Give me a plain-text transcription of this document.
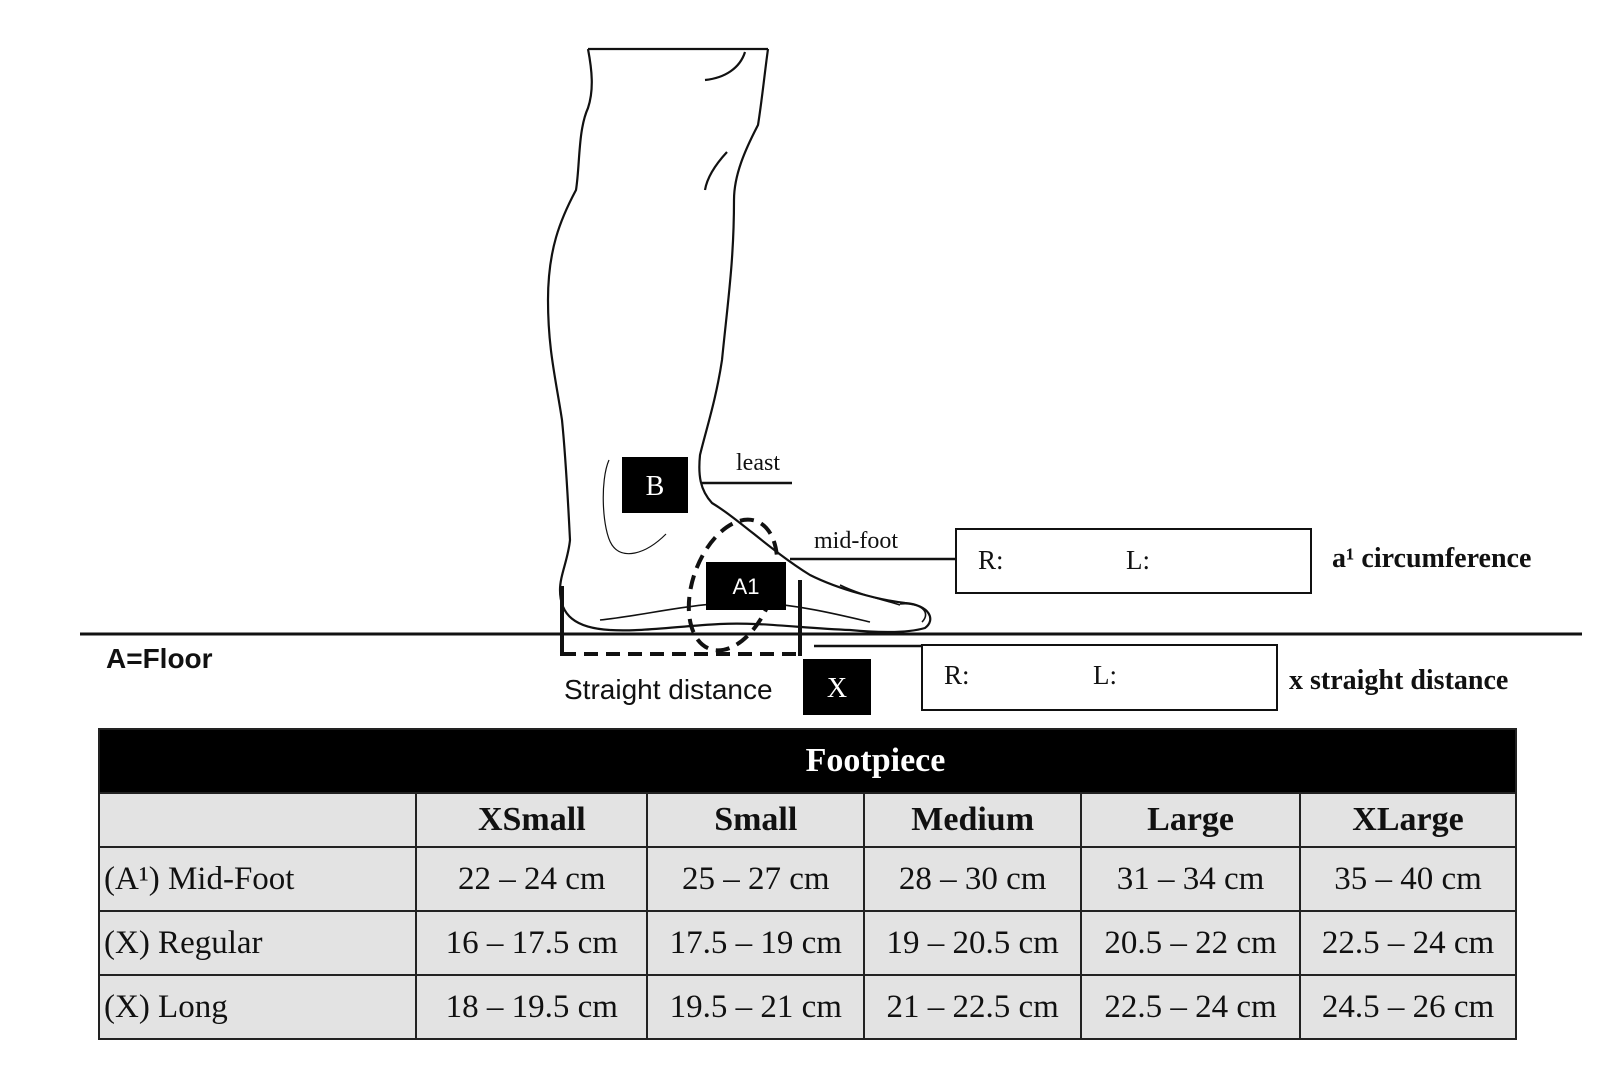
A=Floor
least
mid-foot
B
A1
Straight distance X
R:	L:	a¹ circumference
R:	L:	x straight distance
Footpiece					
	XSmall	Small	Medium	Large	XLarge
(A¹) Mid-Foot	22 – 24 cm	25 – 27 cm	28 – 30 cm	31 – 34 cm	35 – 40 cm
(X) Regular	16 – 17.5 cm	17.5 – 19 cm	19 – 20.5 cm	20.5 – 22 cm	22.5 – 24 cm
(X) Long	18 – 19.5 cm	19.5 – 21 cm	21 – 22.5 cm	22.5 – 24 cm	24.5 – 26 cm
